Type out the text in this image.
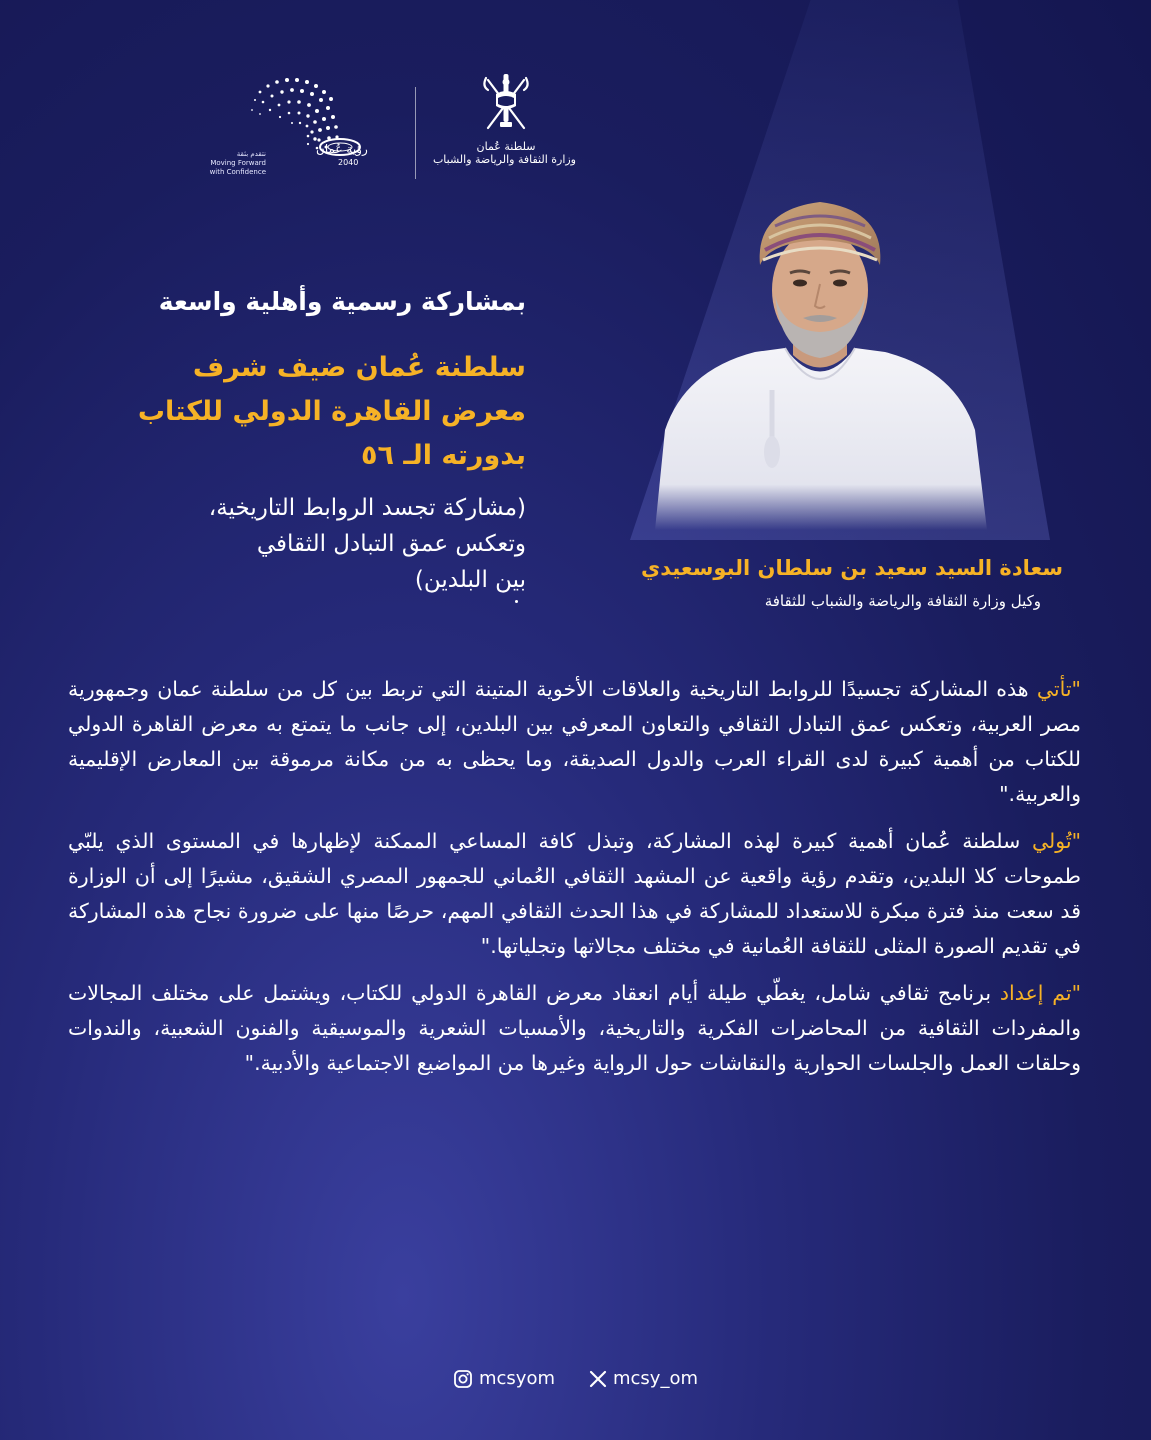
نتقدم بثقة
Moving Forward
with Confidence
رؤية عُمان
2040
سلطنة عُمان
وزارة الثقافة والرياضة والشباب

بمشاركة رسمية وأهلية واسعة

سلطنة عُمان ضيف شرف
معرض القاهرة الدولي للكتاب
بدورته الـ ٥٦
(مشاركة تجسد الروابط التاريخية،
وتعكس عمق التبادل الثقافي
بين البلدين)	سعادة السيد سعيد بن سلطان البوسعيدي

وكيل وزارة الثقافة والرياضة والشباب للثقافة

"تأتي هذه المشاركة تجسيدًا للروابط التاريخية والعلاقات الأخوية المتينة التي تربط بين كل من سلطنة عمان وجمهورية مصر العربية، وتعكس عمق التبادل الثقافي والتعاون المعرفي بين البلدين، إلى جانب ما يتمتع به معرض القاهرة الدولي للكتاب من أهمية كبيرة لدى القراء العرب والدول الصديقة، وما يحظى به من مكانة مرموقة بين المعارض الإقليمية والعربية."

"تُولي سلطنة عُمان أهمية كبيرة لهذه المشاركة، وتبذل كافة المساعي الممكنة لإظهارها في المستوى الذي يلبّي طموحات كلا البلدين، وتقدم رؤية واقعية عن المشهد الثقافي العُماني للجمهور المصري الشقيق، مشيرًا إلى أن الوزارة قد سعت منذ فترة مبكرة للاستعداد للمشاركة في هذا الحدث الثقافي المهم، حرصًا منها على ضرورة نجاح هذه المشاركة في تقديم الصورة المثلى للثقافة العُمانية في مختلف مجالاتها وتجلياتها."

"تم إعداد برنامج ثقافي شامل، يغطّي طيلة أيام انعقاد معرض القاهرة الدولي للكتاب، ويشتمل على مختلف المجالات والمفردات الثقافية من المحاضرات الفكرية والتاريخية، والأمسيات الشعرية والموسيقية والفنون الشعبية، والندوات وحلقات العمل والجلسات الحوارية والنقاشات حول الرواية وغيرها من المواضيع الاجتماعية والأدبية."

mcsyom	mcsy_om
